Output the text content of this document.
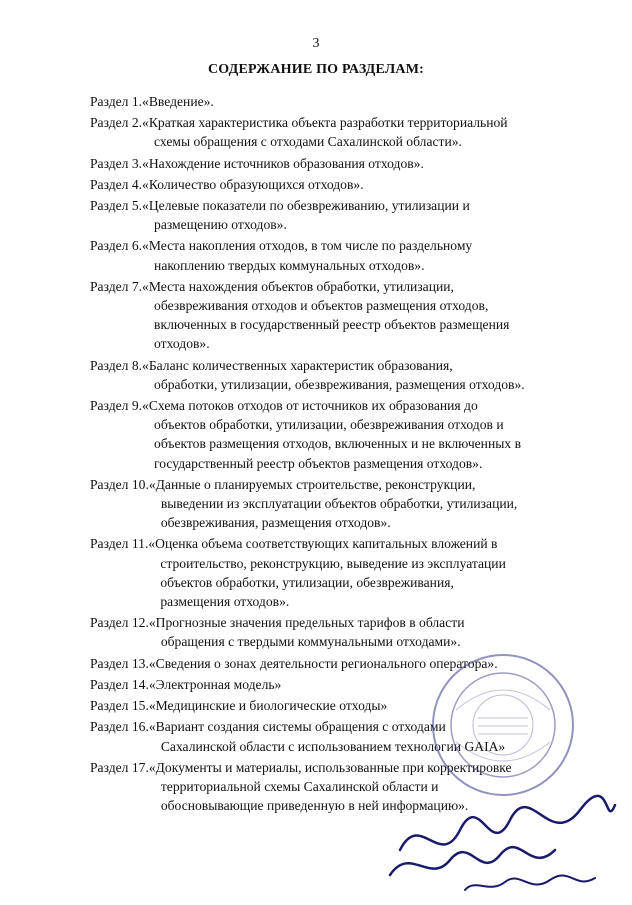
3
СОДЕРЖАНИЕ ПО РАЗДЕЛАМ:
Раздел 1. «Введение».
Раздел 2. «Краткая характеристика объекта разработки территориальной
схемы обращения с отходами Сахалинской области».
Раздел 3. «Нахождение источников образования отходов».
Раздел 4. «Количество образующихся отходов».
Раздел 5. «Целевые показатели по обезвреживанию, утилизации и
размещению отходов».
Раздел 6. «Места накопления отходов, в том числе по раздельному
накоплению твердых коммунальных отходов».
Раздел 7. «Места нахождения объектов обработки, утилизации,
обезвреживания отходов и объектов размещения отходов,
включенных в государственный реестр объектов размещения
отходов».
Раздел 8. «Баланс количественных характеристик образования,
обработки, утилизации, обезвреживания, размещения отходов».
Раздел 9. «Схема потоков отходов от источников их образования до
объектов обработки, утилизации, обезвреживания отходов и
объектов размещения отходов, включенных и не включенных в
государственный реестр объектов размещения отходов».
Раздел 10. «Данные о планируемых строительстве, реконструкции,
выведении из эксплуатации объектов обработки, утилизации,
обезвреживания, размещения отходов».
Раздел 11. «Оценка объема соответствующих капитальных вложений в
строительство, реконструкцию, выведение из эксплуатации
объектов обработки, утилизации, обезвреживания,
размещения отходов».
Раздел 12. «Прогнозные значения предельных тарифов в области
обращения с твердыми коммунальными отходами».
Раздел 13. «Сведения о зонах деятельности регионального оператора».
Раздел 14. «Электронная модель»
Раздел 15. «Медицинские и биологические отходы»
Раздел 16. «Вариант создания системы обращения с отходами
Сахалинской области с использованием технологии GAIA»
Раздел 17. «Документы и материалы, использованные при корректировке
территориальной схемы Сахалинской области и
обосновывающие приведенную в ней информацию».
